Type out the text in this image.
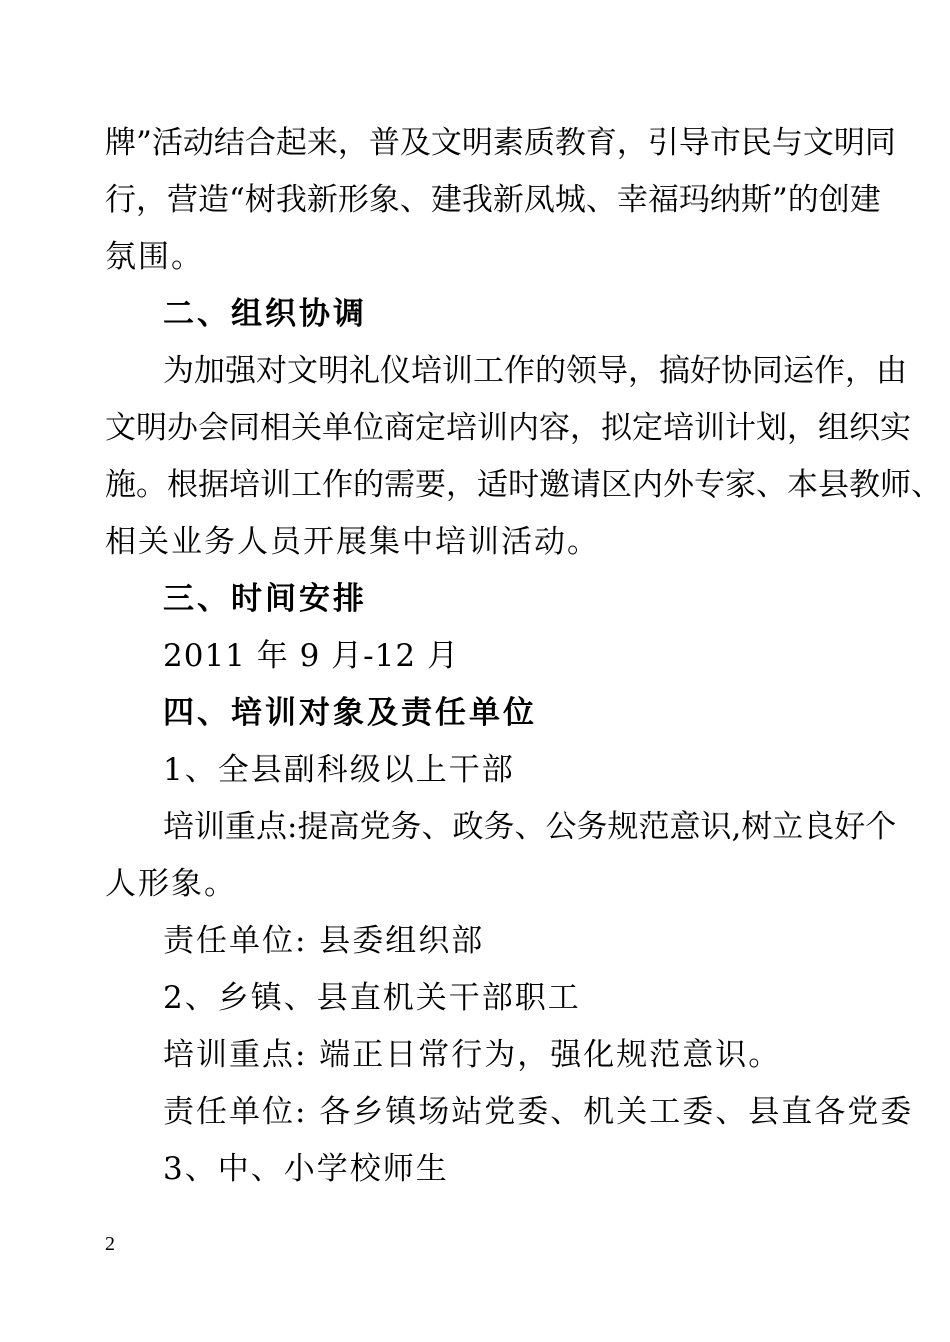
牌”活动结合起来，普及文明素质教育，引导市民与文明同
行，营造“树我新形象、建我新凤城、幸福玛纳斯”的创建
氛围。
二、组织协调
为加强对文明礼仪培训工作的领导，搞好协同运作，由
文明办会同相关单位商定培训内容，拟定培训计划，组织实
施。根据培训工作的需要，适时邀请区内外专家、本县教师、
相关业务人员开展集中培训活动。
三、时间安排
2011 年 9 月-12 月
四、培训对象及责任单位
1、全县副科级以上干部
培训重点:提高党务、政务、公务规范意识,树立良好个
人形象。
责任单位: 县委组织部
2、乡镇、县直机关干部职工
培训重点: 端正日常行为，强化规范意识。
责任单位: 各乡镇场站党委、机关工委、县直各党委
3、中、小学校师生
2
